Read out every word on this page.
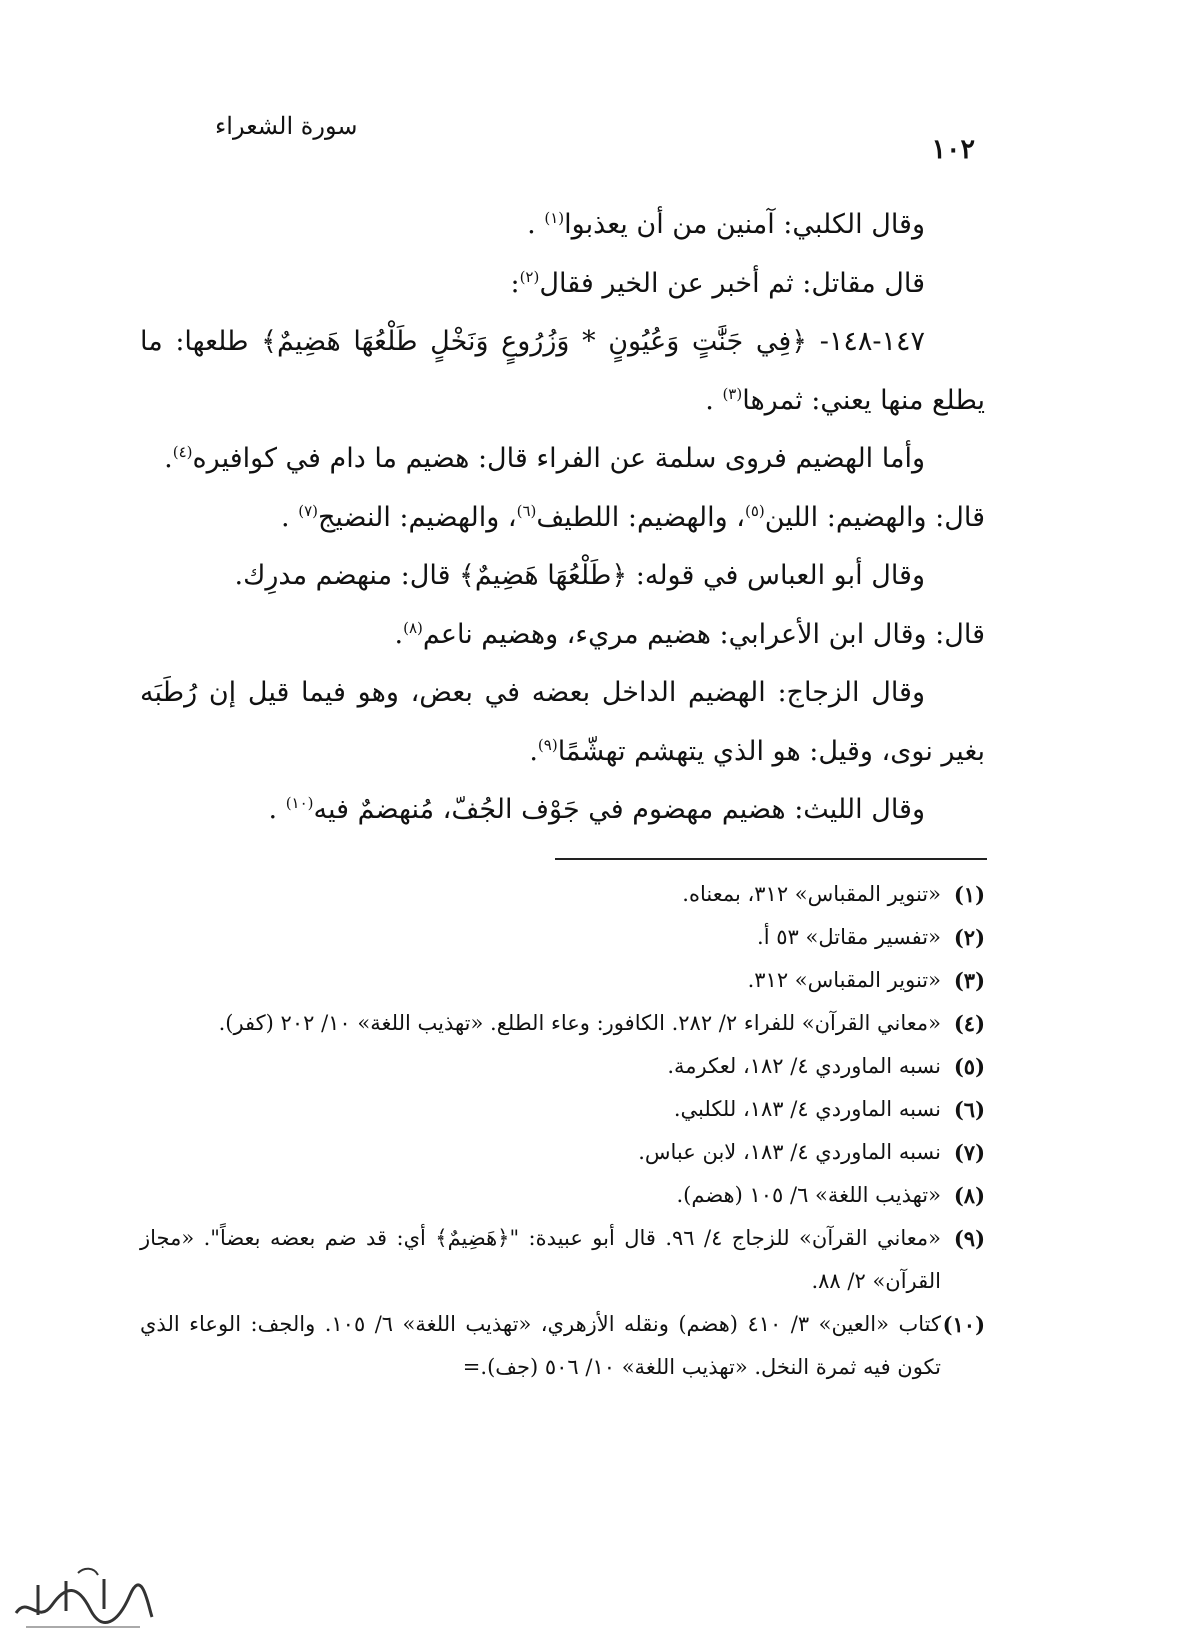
١٠٢
سورة الشعراء

وقال الكلبي: آمنين من أن يعذبوا$^{(١)}$ .

قال مقاتل: ثم أخبر عن الخير فقال$^{(٢)}$:

١٤٧-١٤٨- ﴿فِي جَنَّٰتٍ وَعُيُونٍ * وَزُرُوعٍ وَنَخْلٍ طَلْعُهَا هَضِيمٌ﴾ طلعها: ما يطلع منها يعني: ثمرها$^{(٣)}$ .

وأما الهضيم فروى سلمة عن الفراء قال: هضيم ما دام في كوافيره$^{(٤)}$.

قال: والهضيم: اللين$^{(٥)}$، والهضيم: اللطيف$^{(٦)}$، والهضيم: النضيج$^{(٧)}$ .

وقال أبو العباس في قوله: ﴿طَلْعُهَا هَضِيمٌ﴾ قال: منهضم مدرِك.

قال: وقال ابن الأعرابي: هضيم مريء، وهضيم ناعم$^{(٨)}$.

وقال الزجاج: الهضيم الداخل بعضه في بعض، وهو فيما قيل إن رُطَبَه بغير نوى، وقيل: هو الذي يتهشم تهشّمًا$^{(٩)}$.

وقال الليث: هضيم مهضوم في جَوْف الجُفّ، مُنهضمٌ فيه$^{(١٠)}$ .

(١)
«تنوير المقباس» ٣١٢، بمعناه.
(٢)
«تفسير مقاتل» ٥٣ أ.
(٣)
«تنوير المقباس» ٣١٢.
(٤)
«معاني القرآن» للفراء ٢/ ٢٨٢. الكافور: وعاء الطلع. «تهذيب اللغة» ١٠/ ٢٠٢ (كفر).
(٥)
نسبه الماوردي ٤/ ١٨٢، لعكرمة.
(٦)
نسبه الماوردي ٤/ ١٨٣، للكلبي.
(٧)
نسبه الماوردي ٤/ ١٨٣، لابن عباس.
(٨)
«تهذيب اللغة» ٦/ ١٠٥ (هضم).
(٩)
«معاني القرآن» للزجاج ٤/ ٩٦. قال أبو عبيدة: "﴿هَضِيمٌ﴾ أي: قد ضم بعضه بعضاً". «مجاز القرآن» ٢/ ٨٨.
(١٠)
كتاب «العين» ٣/ ٤١٠ (هضم) ونقله الأزهري، «تهذيب اللغة» ٦/ ١٠٥. والجف: الوعاء الذي تكون فيه ثمرة النخل. «تهذيب اللغة» ١٠/ ٥٠٦ (جف).=
